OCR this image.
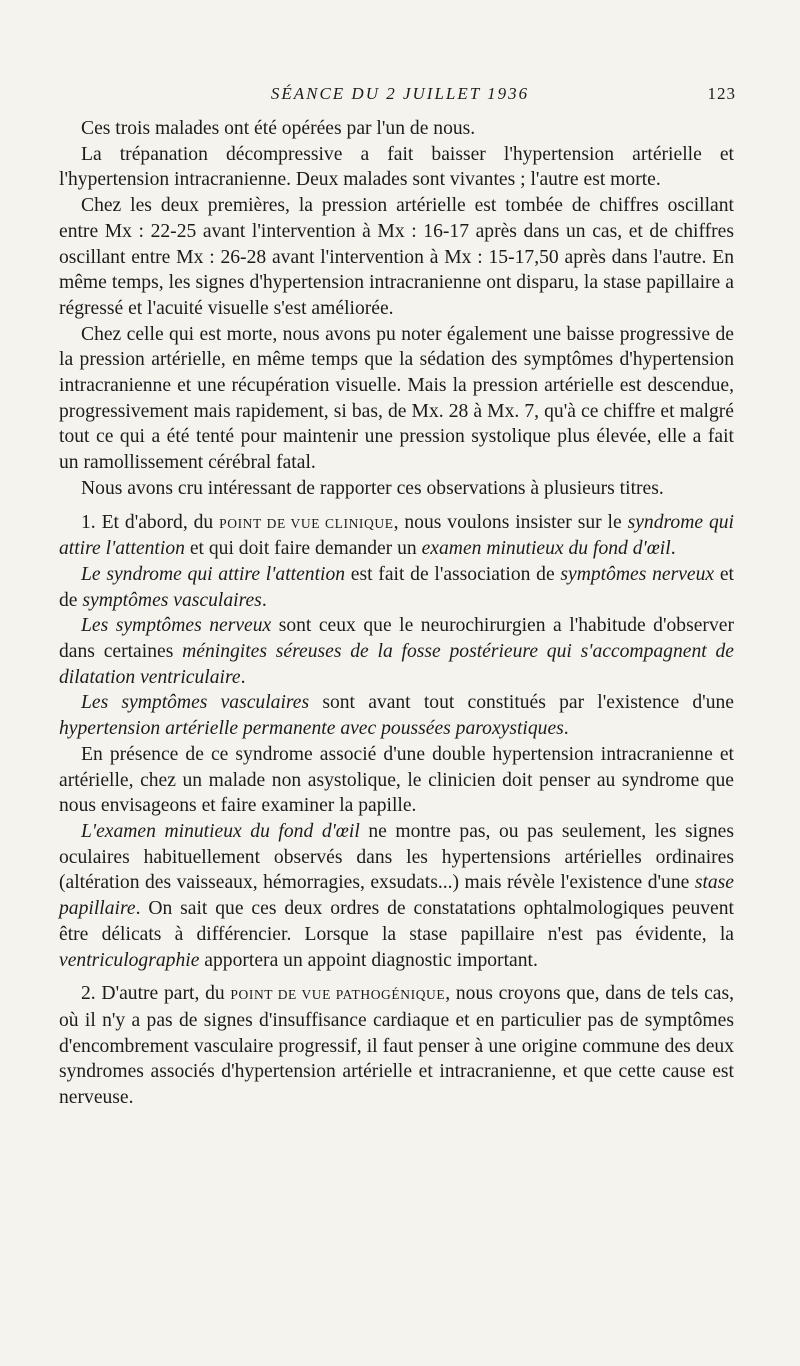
SÉANCE DU 2 JUILLET 1936	123

Ces trois malades ont été opérées par l'un de nous.

La trépanation décompressive a fait baisser l'hypertension artérielle et l'hypertension intracranienne. Deux malades sont vivantes ; l'autre est morte.

Chez les deux premières, la pression artérielle est tombée de chiffres oscillant entre Mx : 22-25 avant l'intervention à Mx : 16-17 après dans un cas, et de chiffres oscillant entre Mx : 26-28 avant l'intervention à Mx : 15-17,50 après dans l'autre. En même temps, les signes d'hypertension intracranienne ont disparu, la stase papillaire a régressé et l'acuité visuelle s'est améliorée.

Chez celle qui est morte, nous avons pu noter également une baisse progressive de la pression artérielle, en même temps que la sédation des symptômes d'hypertension intracranienne et une récupération visuelle. Mais la pression artérielle est descendue, progressivement mais rapidement, si bas, de Mx. 28 à Mx. 7, qu'à ce chiffre et malgré tout ce qui a été tenté pour maintenir une pression systolique plus élevée, elle a fait un ramollissement cérébral fatal.

Nous avons cru intéressant de rapporter ces observations à plusieurs titres.

1. Et d'abord, du POINT DE VUE CLINIQUE, nous voulons insister sur le syndrome qui attire l'attention et qui doit faire demander un examen minutieux du fond d'œil.

Le syndrome qui attire l'attention est fait de l'association de symptômes nerveux et de symptômes vasculaires.

Les symptômes nerveux sont ceux que le neurochirurgien a l'habitude d'observer dans certaines méningites séreuses de la fosse postérieure qui s'accompagnent de dilatation ventriculaire.

Les symptômes vasculaires sont avant tout constitués par l'existence d'une hypertension artérielle permanente avec poussées paroxystiques.

En présence de ce syndrome associé d'une double hypertension intracranienne et artérielle, chez un malade non asystolique, le clinicien doit penser au syndrome que nous envisageons et faire examiner la papille.

L'examen minutieux du fond d'œil ne montre pas, ou pas seulement, les signes oculaires habituellement observés dans les hypertensions artérielles ordinaires (altération des vaisseaux, hémorragies, exsudats...) mais révèle l'existence d'une stase papillaire. On sait que ces deux ordres de constatations ophtalmologiques peuvent être délicats à différencier. Lorsque la stase papillaire n'est pas évidente, la ventriculographie apportera un appoint diagnostic important.

2. D'autre part, du POINT DE VUE PATHOGÉNIQUE, nous croyons que, dans de tels cas, où il n'y a pas de signes d'insuffisance cardiaque et en particulier pas de symptômes d'encombrement vasculaire progressif, il faut penser à une origine commune des deux syndromes associés d'hypertension artérielle et intracranienne, et que cette cause est nerveuse.
